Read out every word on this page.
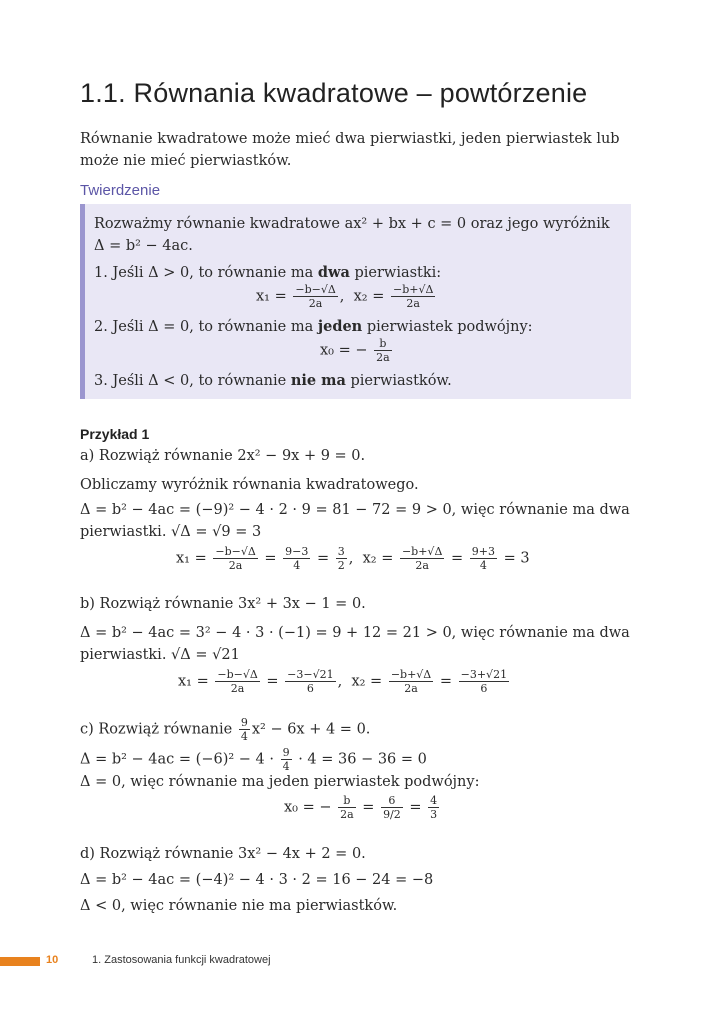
1.1. Równania kwadratowe – powtórzenie
Równanie kwadratowe może mieć dwa pierwiastki, jeden pierwiastek lub może nie mieć pierwiastków.
Twierdzenie
Rozważmy równanie kwadratowe ax² + bx + c = 0 oraz jego wyróżnik
Δ = b² − 4ac.
1. Jeśli Δ > 0, to równanie ma dwa pierwiastki:
$x_1 = \frac{-b-√\Delta}{2a}$ ,  $x_2 = \frac{-b+√\Delta}{2a}$
2. Jeśli Δ = 0, to równanie ma jeden pierwiastek podwójny:
x₀ = − $\frac{b}{2a}$
3. Jeśli Δ < 0, to równanie nie ma pierwiastków.
Przykład 1
a) Rozwiąż równanie 2x² − 9x + 9 = 0.
Obliczamy wyróżnik równania kwadratowego.
Δ = b² − 4ac = (−9)² − 4 · 2 · 9 = 81 − 72 = 9 > 0, więc równanie ma dwa
pierwiastki. √Δ = √9 = 3
$x_1 = \frac{-b-√\Delta}{2a} = \frac{9-3}{4} = \frac{3}{2}$ ,  $x_2 = \frac{-b+√\Delta}{2a} = \frac{9+3}{4} = 3$
b) Rozwiąż równanie 3x² + 3x − 1 = 0.
Δ = b² − 4ac = 3² − 4 · 3 · (−1) = 9 + 12 = 21 > 0, więc równanie ma dwa
pierwiastki. √Δ = √21
$x_1 = \frac{-b-√\Delta}{2a} = \frac{-3-√21}{6}$ ,  $x_2 = \frac{-b+√\Delta}{2a} = \frac{-3+√21}{6}$
c) Rozwiąż równanie $\frac{9}{4} x^2 - 6x + 4 = 0$.
$\Delta = b^2 - 4ac = (-6)^2 - 4 \cdot \frac{9}{4} \cdot 4 = 36 - 36 = 0$
Δ = 0, więc równanie ma jeden pierwiastek podwójny:
x₀ = − $\frac{b}{2a} = \frac{6}{9/2} = \frac{4}{3}$
d) Rozwiąż równanie 3x² − 4x + 2 = 0.
Δ = b² − 4ac = (−4)² − 4 · 3 · 2 = 16 − 24 = −8
Δ < 0, więc równanie nie ma pierwiastków.
10	1. Zastosowania funkcji kwadratowej
